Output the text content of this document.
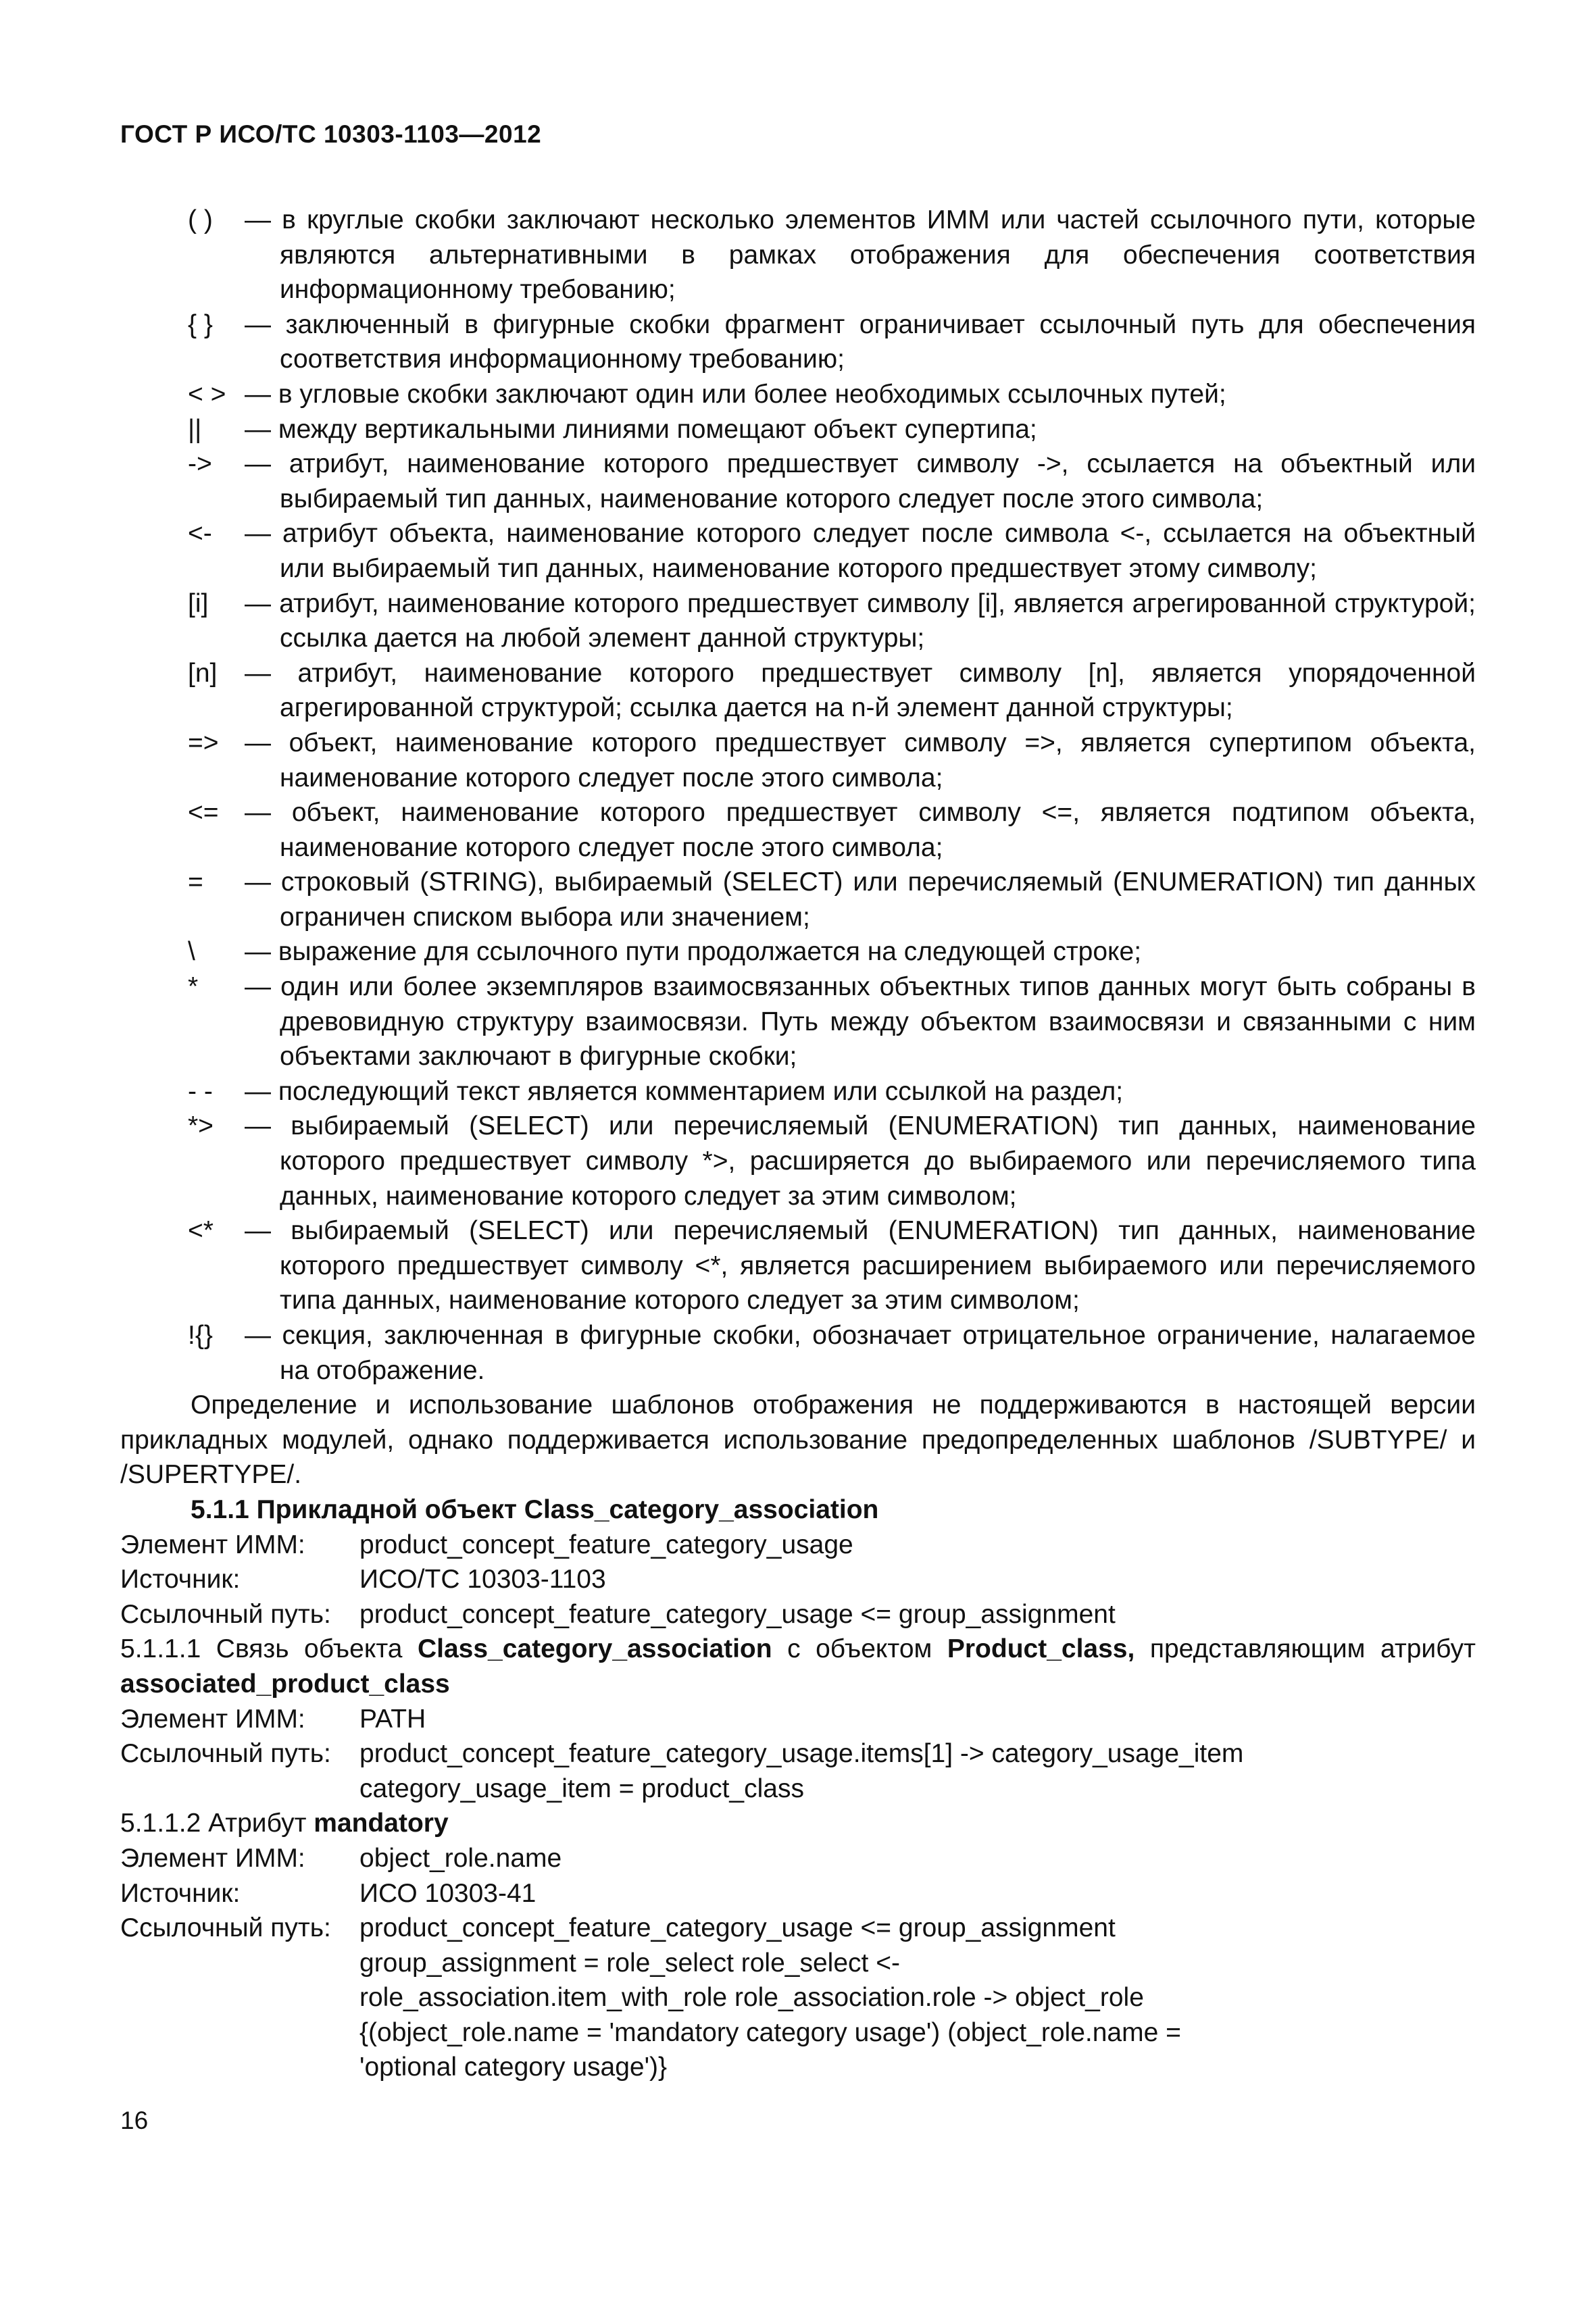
ГОСТ Р ИСО/ТС 10303-1103—2012
( )	— в круглые скобки заключают несколько элементов ИММ или частей ссылочного пути, которые являются альтернативными в рамках отображения для обеспечения соответствия информационному требованию;
{ }	— заключенный в фигурные скобки фрагмент ограничивает ссылочный путь для обеспечения соответствия информационному требованию;
< > — в угловые скобки заключают один или более необходимых ссылочных путей;
||	— между вертикальными линиями помещают объект супертипа;
->	— атрибут, наименование которого предшествует символу ->, ссылается на объектный или выбираемый тип данных, наименование которого следует после этого символа;
<-	— атрибут объекта, наименование которого следует после символа <-, ссылается на объектный или выбираемый тип данных, наименование которого предшествует этому символу;
[i]	— атрибут, наименование которого предшествует символу [i], является агрегированной структурой; ссылка дается на любой элемент данной структуры;
[n]	— атрибут, наименование которого предшествует символу [n], является упорядоченной агрегированной структурой; ссылка дается на n-й элемент данной структуры;
=> — объект, наименование которого предшествует символу =>, является супертипом объекта, наименование которого следует после этого символа;
<= — объект, наименование которого предшествует символу <=, является подтипом объекта, наименование которого следует после этого символа;
=	— строковый (STRING), выбираемый (SELECT) или перечисляемый (ENUMERATION) тип данных ограничен списком выбора или значением;
\	— выражение для ссылочного пути продолжается на следующей строке;
*	— один или более экземпляров взаимосвязанных объектных типов данных могут быть собраны в древовидную структуру взаимосвязи. Путь между объектом взаимосвязи и связанными с ним объектами заключают в фигурные скобки;
- -	— последующий текст является комментарием или ссылкой на раздел;
*>	— выбираемый (SELECT) или перечисляемый (ENUMERATION) тип данных, наименование которого предшествует символу *>, расширяется до выбираемого или перечисляемого типа данных, наименование которого следует за этим символом;
<*	— выбираемый (SELECT) или перечисляемый (ENUMERATION) тип данных, наименование которого предшествует символу <*, является расширением выбираемого или перечисляемого типа данных, наименование которого следует за этим символом;
!{}	— секция, заключенная в фигурные скобки, обозначает отрицательное ограничение, налагаемое на отображение.

Определение и использование шаблонов отображения не поддерживаются в настоящей версии прикладных модулей, однако поддерживается использование предопределенных шаблонов /SUBTYPE/ и /SUPERTYPE/.

5.1.1 Прикладной объект Class_category_association

Элемент ИММ:	product_concept_feature_category_usage
Источник:	ИСО/ТС 10303-1103
Ссылочный путь:	product_concept_feature_category_usage <= group_assignment

5.1.1.1 Связь объекта Class_category_association с объектом Product_class, представляющим атрибут associated_product_class

Элемент ИММ:	PATH
Ссылочный путь:	product_concept_feature_category_usage.items[1] -> category_usage_item
category_usage_item = product_class

5.1.1.2 Атрибут mandatory

Элемент ИММ:	object_role.name
Источник:	ИСО 10303-41
Ссылочный путь:	product_concept_feature_category_usage <= group_assignment
group_assignment = role_select role_select <-
role_association.item_with_role role_association.role -> object_role
{(object_role.name = 'mandatory category usage') (object_role.name =
'optional category usage')}
16
